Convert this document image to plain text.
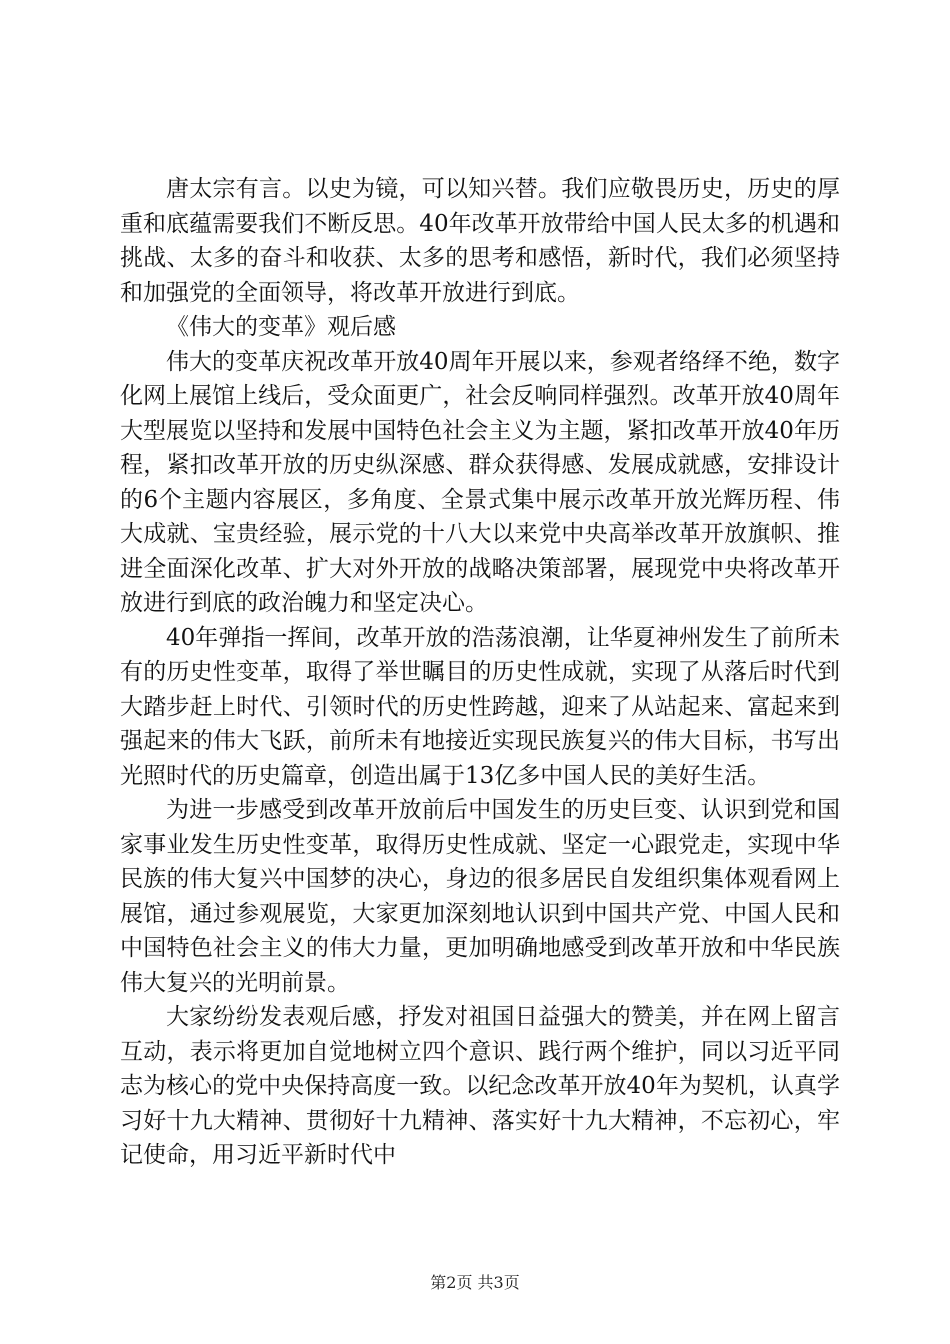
唐太宗有言。以史为镜，可以知兴替。我们应敬畏历史，历史的厚重和底蕴需要我们不断反思。40年改革开放带给中国人民太多的机遇和挑战、太多的奋斗和收获、太多的思考和感悟，新时代，我们必须坚持和加强党的全面领导，将改革开放进行到底。

《伟大的变革》观后感

伟大的变革庆祝改革开放40周年开展以来，参观者络绎不绝，数字化网上展馆上线后，受众面更广，社会反响同样强烈。改革开放40周年大型展览以坚持和发展中国特色社会主义为主题，紧扣改革开放40年历程，紧扣改革开放的历史纵深感、群众获得感、发展成就感，安排设计的6个主题内容展区，多角度、全景式集中展示改革开放光辉历程、伟大成就、宝贵经验，展示党的十八大以来党中央高举改革开放旗帜、推进全面深化改革、扩大对外开放的战略决策部署，展现党中央将改革开放进行到底的政治魄力和坚定决心。

40年弹指一挥间，改革开放的浩荡浪潮，让华夏神州发生了前所未有的历史性变革，取得了举世瞩目的历史性成就，实现了从落后时代到大踏步赶上时代、引领时代的历史性跨越，迎来了从站起来、富起来到强起来的伟大飞跃，前所未有地接近实现民族复兴的伟大目标，书写出光照时代的历史篇章，创造出属于13亿多中国人民的美好生活。

为进一步感受到改革开放前后中国发生的历史巨变、认识到党和国家事业发生历史性变革，取得历史性成就、坚定一心跟党走，实现中华民族的伟大复兴中国梦的决心，身边的很多居民自发组织集体观看网上展馆，通过参观展览，大家更加深刻地认识到中国共产党、中国人民和中国特色社会主义的伟大力量，更加明确地感受到改革开放和中华民族伟大复兴的光明前景。

大家纷纷发表观后感，抒发对祖国日益强大的赞美，并在网上留言互动，表示将更加自觉地树立四个意识、践行两个维护，同以习近平同志为核心的党中央保持高度一致。以纪念改革开放40年为契机，认真学习好十九大精神、贯彻好十九精神、落实好十九大精神，不忘初心，牢记使命，用习近平新时代中

第2页 共3页
